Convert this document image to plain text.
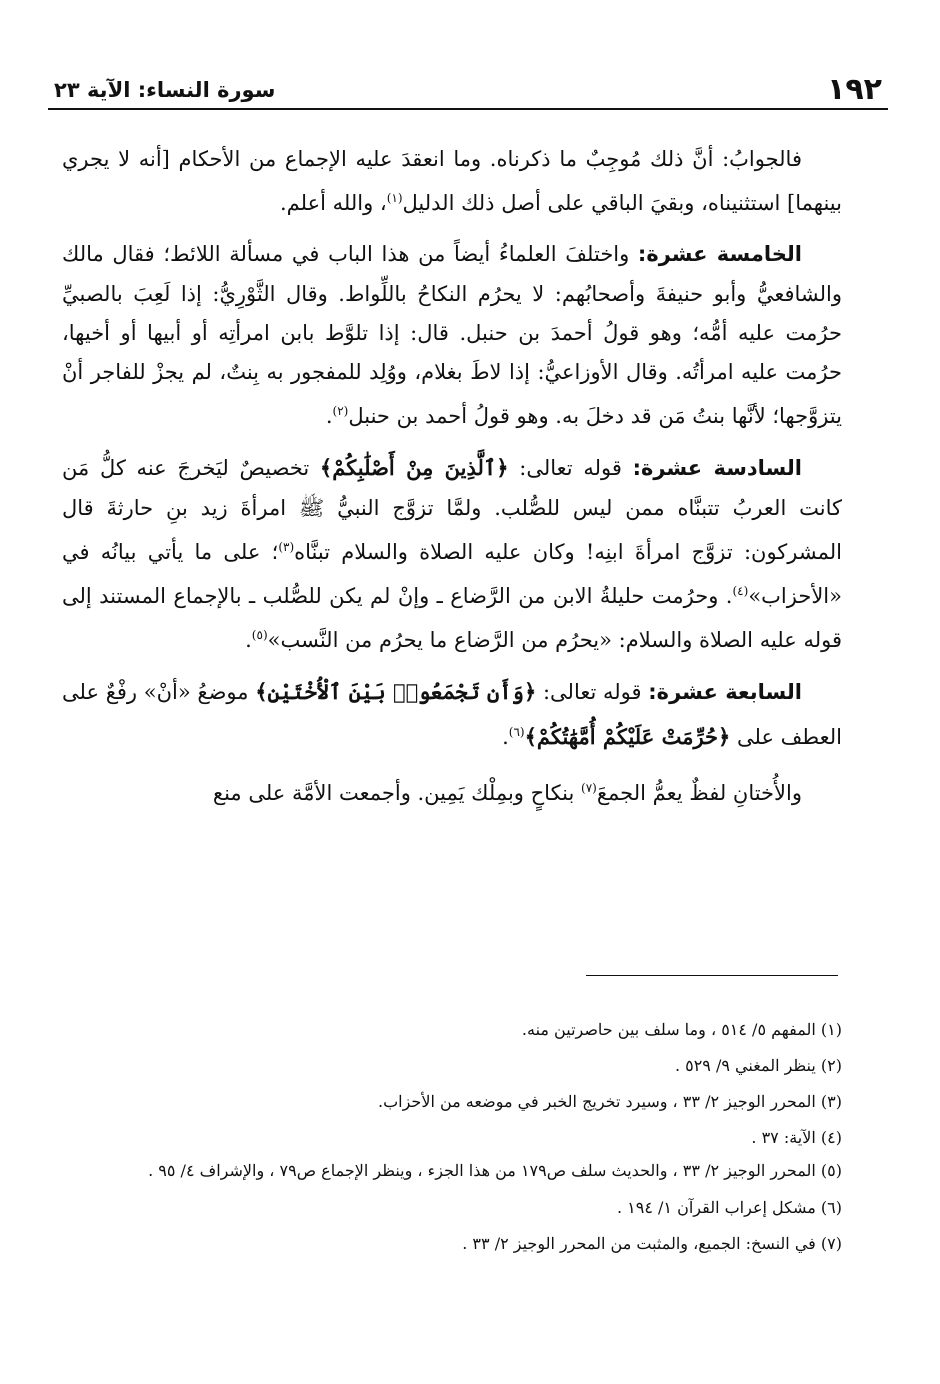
١٩٢
سورة النساء: الآية ٢٣

فالجوابُ: أنَّ ذلك مُوجِبٌ ما ذكرناه. وما انعقدَ عليه الإجماع من الأحكام [أنه لا يجري بينهما] استثنيناه، وبقيَ الباقي على أصل ذلك الدليل$^{(١)}$، والله أعلم.

الخامسة عشرة: واختلفَ العلماءُ أيضاً من هذا الباب في مسألة اللائط؛ فقال مالك والشافعيُّ وأبو حنيفةَ وأصحابُهم: لا يحرُم النكاحُ باللِّواط. وقال الثَّوْرِيُّ: إذا لَعِبَ بالصبيِّ حرُمت عليه أمُّه؛ وهو قولُ أحمدَ بن حنبل. قال: إذا تلوَّط بابن امرأتِه أو أبيها أو أخيها، حرُمت عليه امرأتُه. وقال الأوزاعيُّ: إذا لاطَ بغلام، ووُلِد للمفجور به بِنتٌ، لم يجزْ للفاجر أنْ يتزوَّجها؛ لأنَّها بنتُ مَن قد دخلَ به. وهو قولُ أحمد بن حنبل$^{(٢)}$.

السادسة عشرة: قوله تعالى: ﴿ٱلَّذِينَ مِنْ أَصْلَٰبِكُمْ﴾ تخصيصٌ ليَخرجَ عنه كلُّ مَن كانت العربُ تتبنَّاه ممن ليس للصُّلب. ولمَّا تزوَّج النبيُّ ﷺ امرأةَ زيد بنِ حارثةَ قال المشركون: تزوَّج امرأةَ ابنِه! وكان عليه الصلاة والسلام تبنَّاه$^{(٣)}$؛ على ما يأتي بيانُه في «الأحزاب»$^{(٤)}$. وحرُمت حليلةُ الابن من الرَّضاع ـ وإنْ لم يكن للصُّلب ـ بالإجماع المستند إلى قوله عليه الصلاة والسلام: «يحرُم من الرَّضاع ما يحرُم من النَّسب»$^{(٥)}$.

السابعة عشرة: قوله تعالى: ﴿وَأَن تَجْمَعُوا۟ بَيْنَ ٱلْأُخْتَيْنِ﴾ موضعُ «أنْ» رفْعٌ على العطف على ﴿حُرِّمَتْ عَلَيْكُمْ أُمَّهَٰتُكُمْ﴾$^{(٦)}$.

والأُختانِ لفظٌ يعمُّ الجمعَ$^{(٧)}$ بنكاحٍ وبمِلْك يَمِين. وأجمعت الأمَّة على منع

(١) المفهم ٥/ ٥١٤ ، وما سلف بين حاصرتين منه.

(٢) ينظر المغني ٩/ ٥٢٩ .

(٣) المحرر الوجيز ٢/ ٣٣ ، وسيرد تخريج الخبر في موضعه من الأحزاب.

(٤) الآية: ٣٧ .

(٥) المحرر الوجيز ٢/ ٣٣ ، والحديث سلف ص١٧٩ من هذا الجزء ، وينظر الإجماع ص٧٩ ، والإشراف ٤/ ٩٥ .

(٦) مشكل إعراب القرآن ١/ ١٩٤ .

(٧) في النسخ: الجميع، والمثبت من المحرر الوجيز ٢/ ٣٣ .
